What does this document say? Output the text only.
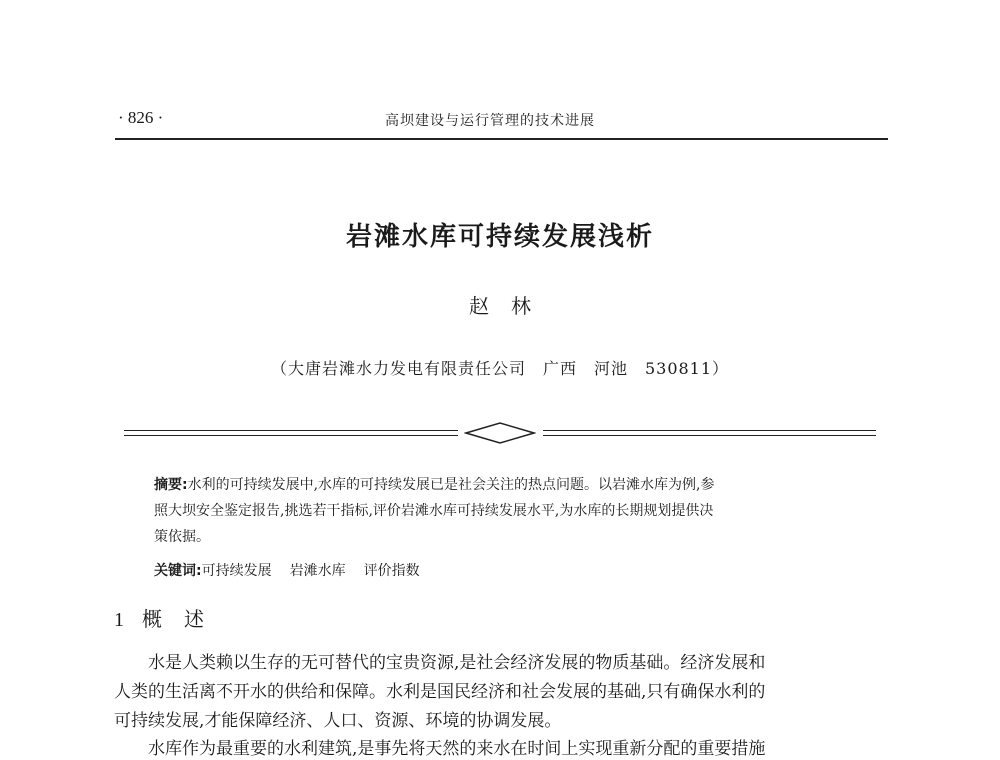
· 826 ·	高坝建设与运行管理的技术进展
岩滩水库可持续发展浅析
赵林
（大唐岩滩水力发电有限责任公司　广西　河池　530811）
摘要:水利的可持续发展中,水库的可持续发展已是社会关注的热点问题。以岩滩水库为例,参
照大坝安全鉴定报告,挑选若干指标,评价岩滩水库可持续发展水平,为水库的长期规划提供决
策依据。
关键词:可持续发展 岩滩水库 评价指数
1 概述
水是人类赖以生存的无可替代的宝贵资源,是社会经济发展的物质基础。经济发展和
人类的生活离不开水的供给和保障。水利是国民经济和社会发展的基础,只有确保水利的
可持续发展,才能保障经济、人口、资源、环境的协调发展。
水库作为最重要的水利建筑,是事先将天然的来水在时间上实现重新分配的重要措施
